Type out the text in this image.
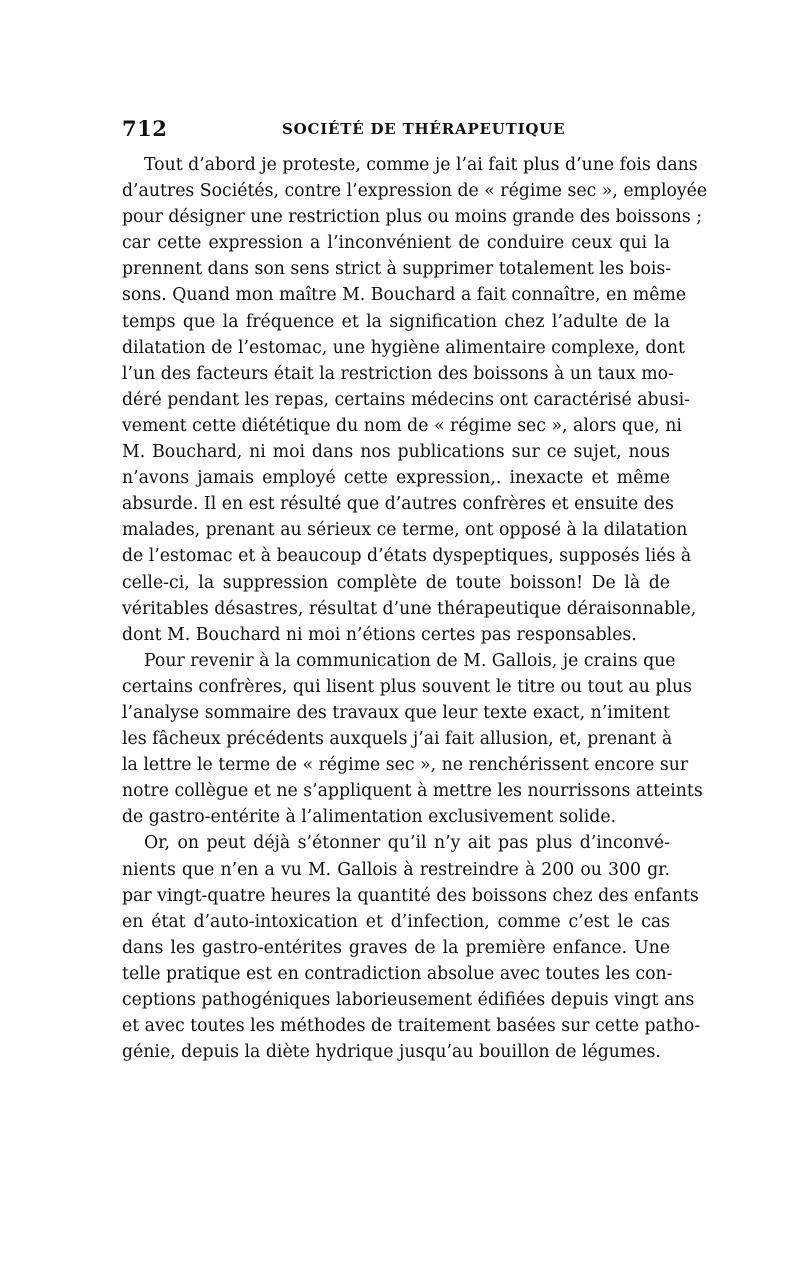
712	SOCIÉTÉ DE THÉRAPEUTIQUE
Tout d’abord je proteste, comme je l’ai fait plus d’une fois dans
d’autres Sociétés, contre l’expression de « régime sec », employée
pour désigner une restriction plus ou moins grande des boissons ;
car cette expression a l’inconvénient de conduire ceux qui la
prennent dans son sens strict à supprimer totalement les bois-
sons. Quand mon maître M. Bouchard a fait connaître, en même
temps que la fréquence et la signification chez l’adulte de la
dilatation de l’estomac, une hygiène alimentaire complexe, dont
l’un des facteurs était la restriction des boissons à un taux mo-
déré pendant les repas, certains médecins ont caractérisé abusi-
vement cette diététique du nom de « régime sec », alors que, ni
M. Bouchard, ni moi dans nos publications sur ce sujet, nous
n’avons jamais employé cette expression,. inexacte et même
absurde. Il en est résulté que d’autres confrères et ensuite des
malades, prenant au sérieux ce terme, ont opposé à la dilatation
de l’estomac et à beaucoup d’états dyspeptiques, supposés liés à
celle-ci, la suppression complète de toute boisson! De là de
véritables désastres, résultat d’une thérapeutique déraisonnable,
dont M. Bouchard ni moi n’étions certes pas responsables.
Pour revenir à la communication de M. Gallois, je crains que
certains confrères, qui lisent plus souvent le titre ou tout au plus
l’analyse sommaire des travaux que leur texte exact, n’imitent
les fâcheux précédents auxquels j’ai fait allusion, et, prenant à
la lettre le terme de « régime sec », ne renchérissent encore sur
notre collègue et ne s’appliquent à mettre les nourrissons atteints
de gastro-entérite à l’alimentation exclusivement solide.
Or, on peut déjà s’étonner qu’il n’y ait pas plus d’inconvé-
nients que n’en a vu M. Gallois à restreindre à 200 ou 300 gr.
par vingt-quatre heures la quantité des boissons chez des enfants
en état d’auto-intoxication et d’infection, comme c’est le cas
dans les gastro-entérites graves de la première enfance. Une
telle pratique est en contradiction absolue avec toutes les con-
ceptions pathogéniques laborieusement édifiées depuis vingt ans
et avec toutes les méthodes de traitement basées sur cette patho-
génie, depuis la diète hydrique jusqu’au bouillon de légumes.
